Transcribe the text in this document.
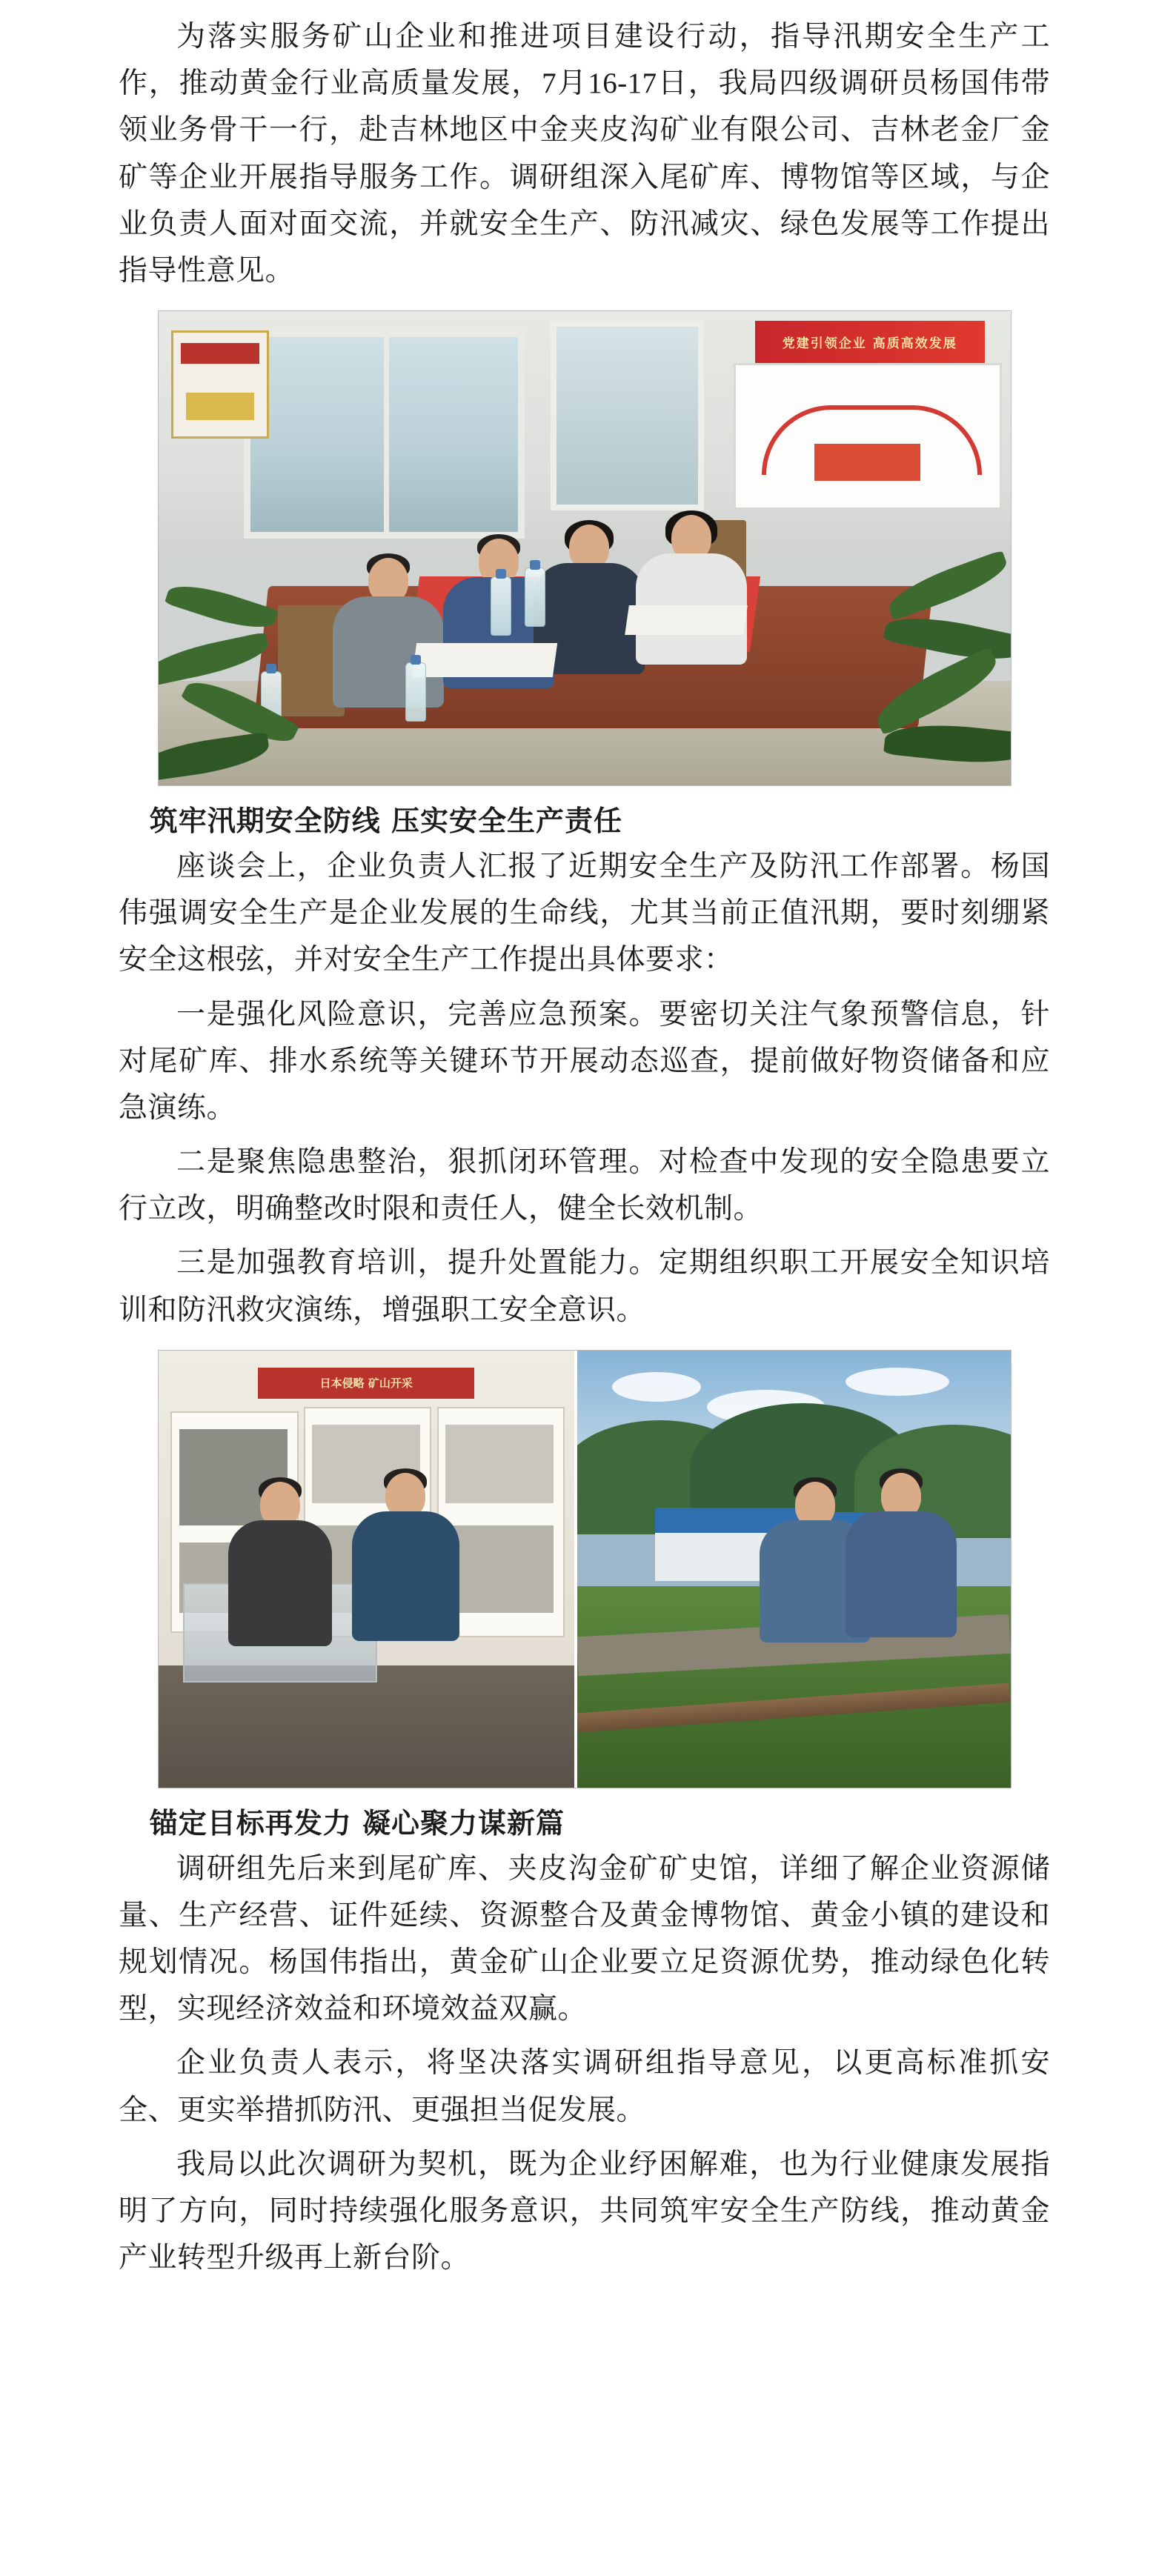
为落实服务矿山企业和推进项目建设行动，指导汛期安全生产工作，推动黄金行业高质量发展，7月16-17日，我局四级调研员杨国伟带领业务骨干一行，赴吉林地区中金夹皮沟矿业有限公司、吉林老金厂金矿等企业开展指导服务工作。调研组深入尾矿库、博物馆等区域，与企业负责人面对面交流，并就安全生产、防汛减灾、绿色发展等工作提出指导性意见。

党建引领企业 高质高效发展
筑牢汛期安全防线 压实安全生产责任

座谈会上，企业负责人汇报了近期安全生产及防汛工作部署。杨国伟强调安全生产是企业发展的生命线，尤其当前正值汛期，要时刻绷紧安全这根弦，并对安全生产工作提出具体要求：

一是强化风险意识，完善应急预案。要密切关注气象预警信息，针对尾矿库、排水系统等关键环节开展动态巡查，提前做好物资储备和应急演练。

二是聚焦隐患整治，狠抓闭环管理。对检查中发现的安全隐患要立行立改，明确整改时限和责任人，健全长效机制。

三是加强教育培训，提升处置能力。定期组织职工开展安全知识培训和防汛救灾演练，增强职工安全意识。

日本侵略 矿山开采
锚定目标再发力 凝心聚力谋新篇

调研组先后来到尾矿库、夹皮沟金矿矿史馆，详细了解企业资源储量、生产经营、证件延续、资源整合及黄金博物馆、黄金小镇的建设和规划情况。杨国伟指出，黄金矿山企业要立足资源优势，推动绿色化转型，实现经济效益和环境效益双赢。

企业负责人表示，将坚决落实调研组指导意见，以更高标准抓安全、更实举措抓防汛、更强担当促发展。

我局以此次调研为契机，既为企业纾困解难，也为行业健康发展指明了方向，同时持续强化服务意识，共同筑牢安全生产防线，推动黄金产业转型升级再上新台阶。
